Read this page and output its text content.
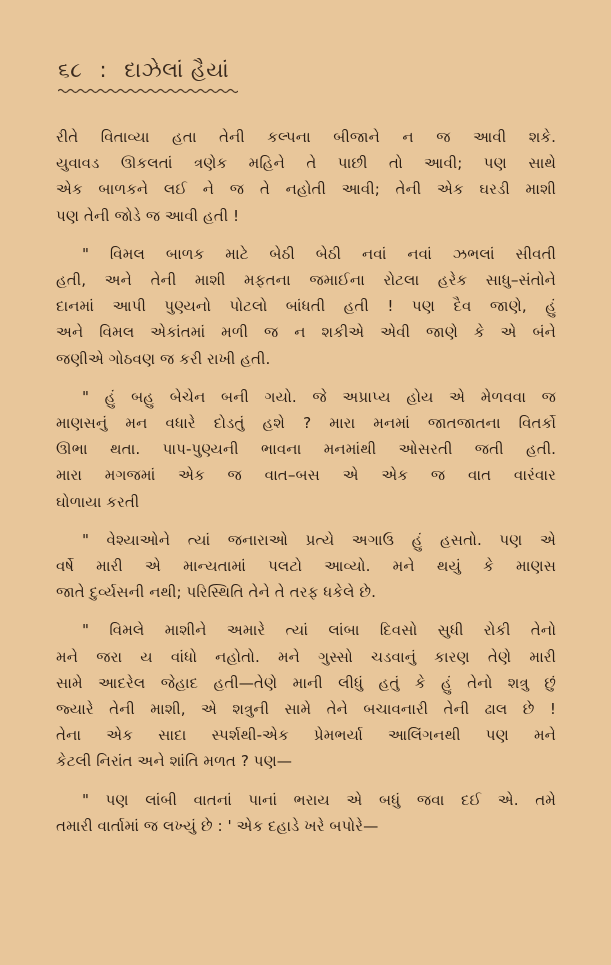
૬૮ : દાઝેલાં હૈયાં
રીતે વિતાવ્યા હતા તેની કલ્પના બીજાને ન જ આવી શકે.
યુવાવડ ઊકલતાં ત્રણેક મહિને તે પાછી તો આવી; પણ સાથે
એક બાળકને લઈ ને જ તે નહોતી આવી; તેની એક ઘરડી માશી
પણ તેની જોડે જ આવી હતી !
" વિમલ બાળક માટે બેઠી બેઠી નવાં નવાં ઝભલાં સીવતી
હતી, અને તેની માશી મફતના જમાઈના રોટલા હરેક સાધુ–સંતોને
દાનમાં આપી પુણ્યનો પોટલો બાંધતી હતી ! પણ દૈવ જાણે, હું
અને વિમલ એકાંતમાં મળી જ ન શકીએ એવી જાણે કે એ બંને
જણીએ ગોઠવણ જ કરી રાખી હતી.
" હું બહુ બેચેન બની ગયો. જે અપ્રાપ્ય હોય એ મેળવવા જ
માણસનું મન વધારે દોડતું હશે ? મારા મનમાં જાતજાતના વિતર્કો
ઊભા થતા. પાપ-પુણ્યની ભાવના મનમાંથી ઓસરતી જતી હતી.
મારા મગજમાં એક જ વાત–બસ એ એક જ વાત વારંવાર
ઘોળાયા કરતી
" વેશ્યાઓને ત્યાં જનારાઓ પ્રત્યે અગાઉ હું હસતો. પણ એ
વર્ષે મારી એ માન્યતામાં પલટો આવ્યો. મને થયું કે માણસ
જાતે દુર્વ્યસની નથી; પરિસ્થિતિ તેને તે તરફ ધકેલે છે.
" વિમલે માશીને અમારે ત્યાં લાંબા દિવસો સુધી રોકી તેનો
મને જરા ય વાંધો નહોતો. મને ગુસ્સો ચડવાનું કારણ તેણે મારી
સામે આદરેલ જેહાદ હતી—તેણે માની લીધું હતું કે હું તેનો શત્રુ છું
જ્યારે તેની માશી, એ શત્રુની સામે તેને બચાવનારી તેની ઢાલ છે !
તેના એક સાદા સ્પર્શથી-એક પ્રેમભર્યા આલિંગનથી પણ મને
કેટલી નિરાંત અને શાંતિ મળત ? પણ—
" પણ લાંબી વાતનાં પાનાં ભરાય એ બધું જવા દઈ એ. તમે
તમારી વાર્તામાં જ લખ્યું છે : ' એક દહાડે ખરે બપોરે—
